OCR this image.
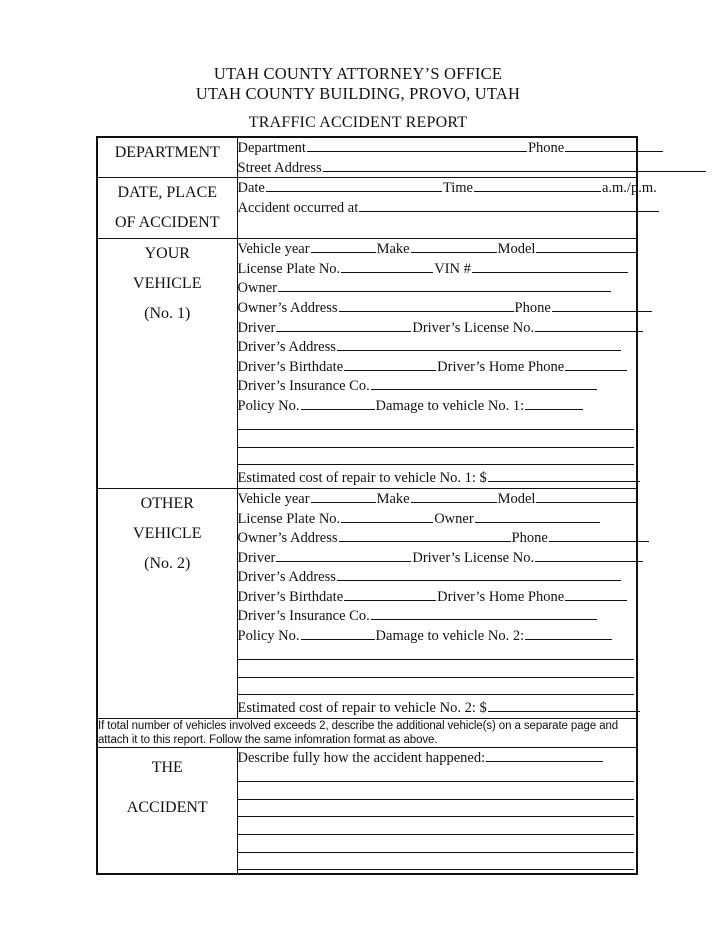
UTAH COUNTY ATTORNEY’S OFFICE
UTAH COUNTY BUILDING, PROVO, UTAH
TRAFFIC ACCIDENT REPORT
DEPARTMENT	Department Phone
Street Address

DATE, PLACE
OF ACCIDENT

Date	Time	a.m./p.m.
Accident occurred at

YOUR
VEHICLE
(No. 1)

Vehicle year	Make	Model
License Plate No.	VIN #
Owner
Owner’s Address	Phone
Driver	Driver’s License No.
Driver’s Address
Driver’s Birthdate	Driver’s Home Phone
Driver’s Insurance Co.
Policy No.	Damage to vehicle No. 1:
Estimated cost of repair to vehicle No. 1: $

OTHER
VEHICLE
(No. 2)

Vehicle year	Make	Model
License Plate No.	Owner
Owner’s Address	Phone
Driver	Driver’s License No.
Driver’s Address
Driver’s Birthdate	Driver’s Home Phone
Driver’s Insurance Co.
Policy No.	Damage to vehicle No. 2:
Estimated cost of repair to vehicle No. 2: $

If total number of vehicles involved exceeds 2, describe the additional vehicle(s) on a separate page and
attach it to this report. Follow the same infomration format as above.	

THE
ACCIDENT	Describe fully how the accident happened:
